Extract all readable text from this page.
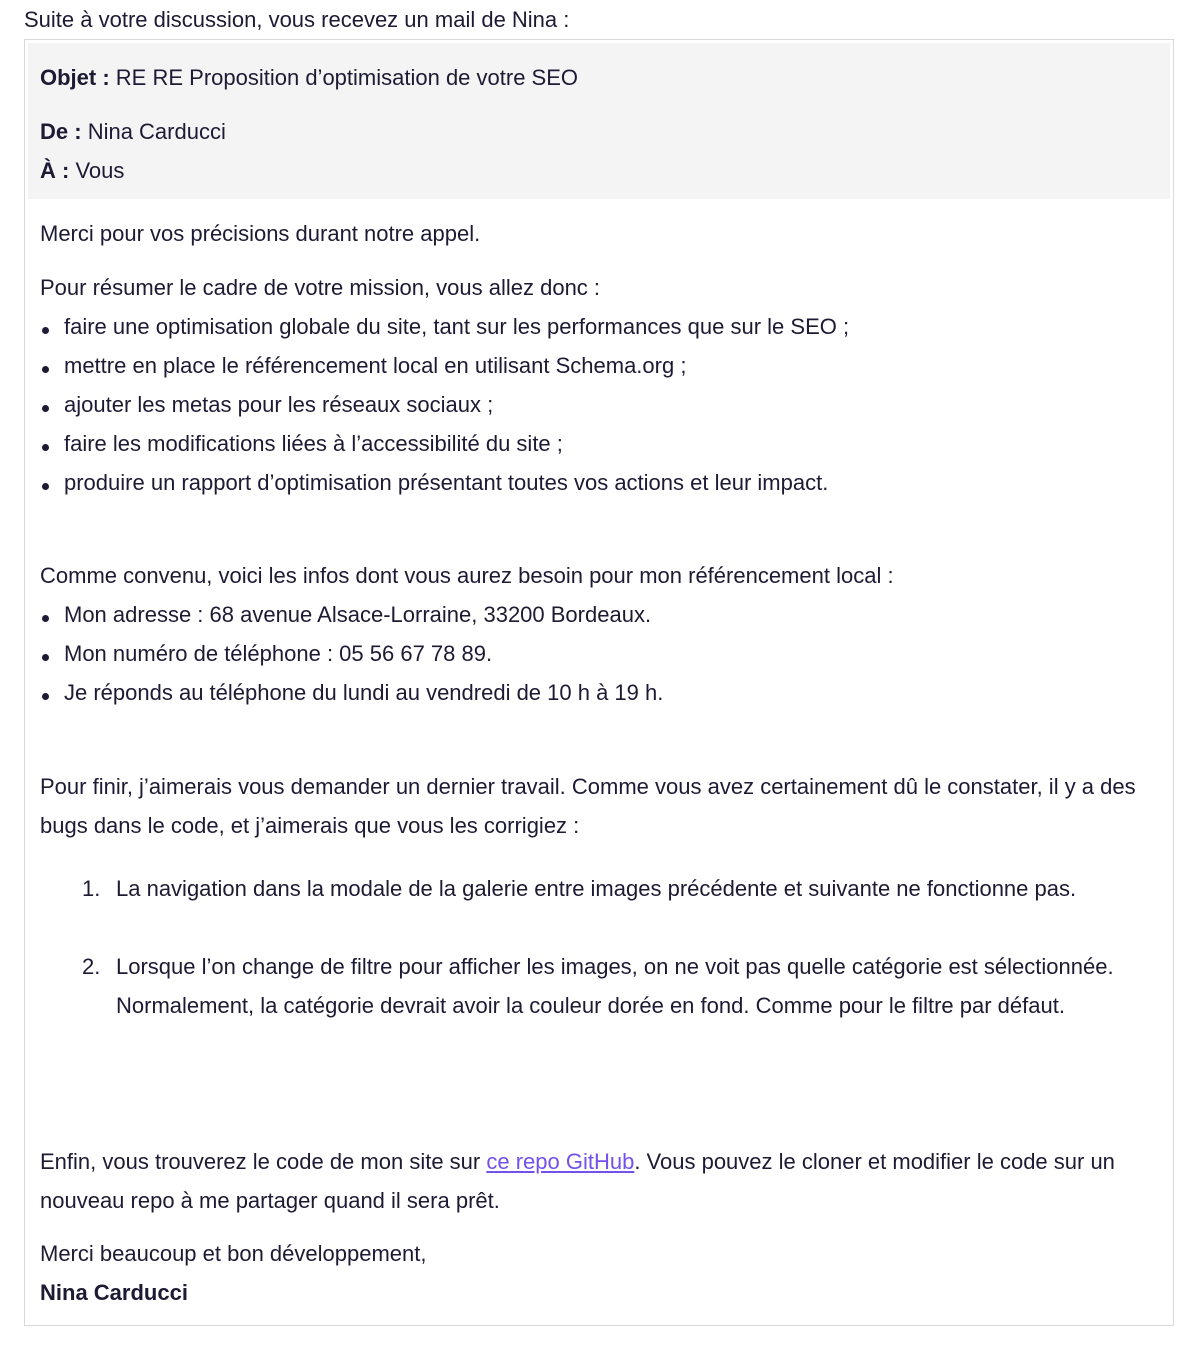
Suite à votre discussion, vous recevez un mail de Nina :
Objet : RE RE Proposition d’optimisation de votre SEO
De : Nina Carducci
À : Vous
Merci pour vos précisions durant notre appel.
Pour résumer le cadre de votre mission, vous allez donc :
faire une optimisation globale du site, tant sur les performances que sur le SEO ;
mettre en place le référencement local en utilisant Schema.org ;
ajouter les metas pour les réseaux sociaux ;
faire les modifications liées à l’accessibilité du site ;
produire un rapport d’optimisation présentant toutes vos actions et leur impact.
Comme convenu, voici les infos dont vous aurez besoin pour mon référencement local :
Mon adresse : 68 avenue Alsace-Lorraine, 33200 Bordeaux.
Mon numéro de téléphone : 05 56 67 78 89.
Je réponds au téléphone du lundi au vendredi de 10 h à 19 h.
Pour finir, j’aimerais vous demander un dernier travail. Comme vous avez certainement dû le constater, il y a des bugs dans le code, et j’aimerais que vous les corrigiez :
1. La navigation dans la modale de la galerie entre images précédente et suivante ne fonctionne pas.
2. Lorsque l’on change de filtre pour afficher les images, on ne voit pas quelle catégorie est sélectionnée. Normalement, la catégorie devrait avoir la couleur dorée en fond. Comme pour le filtre par défaut.
Enfin, vous trouverez le code de mon site sur ce repo GitHub. Vous pouvez le cloner et modifier le code sur un nouveau repo à me partager quand il sera prêt.
Merci beaucoup et bon développement,
Nina Carducci
